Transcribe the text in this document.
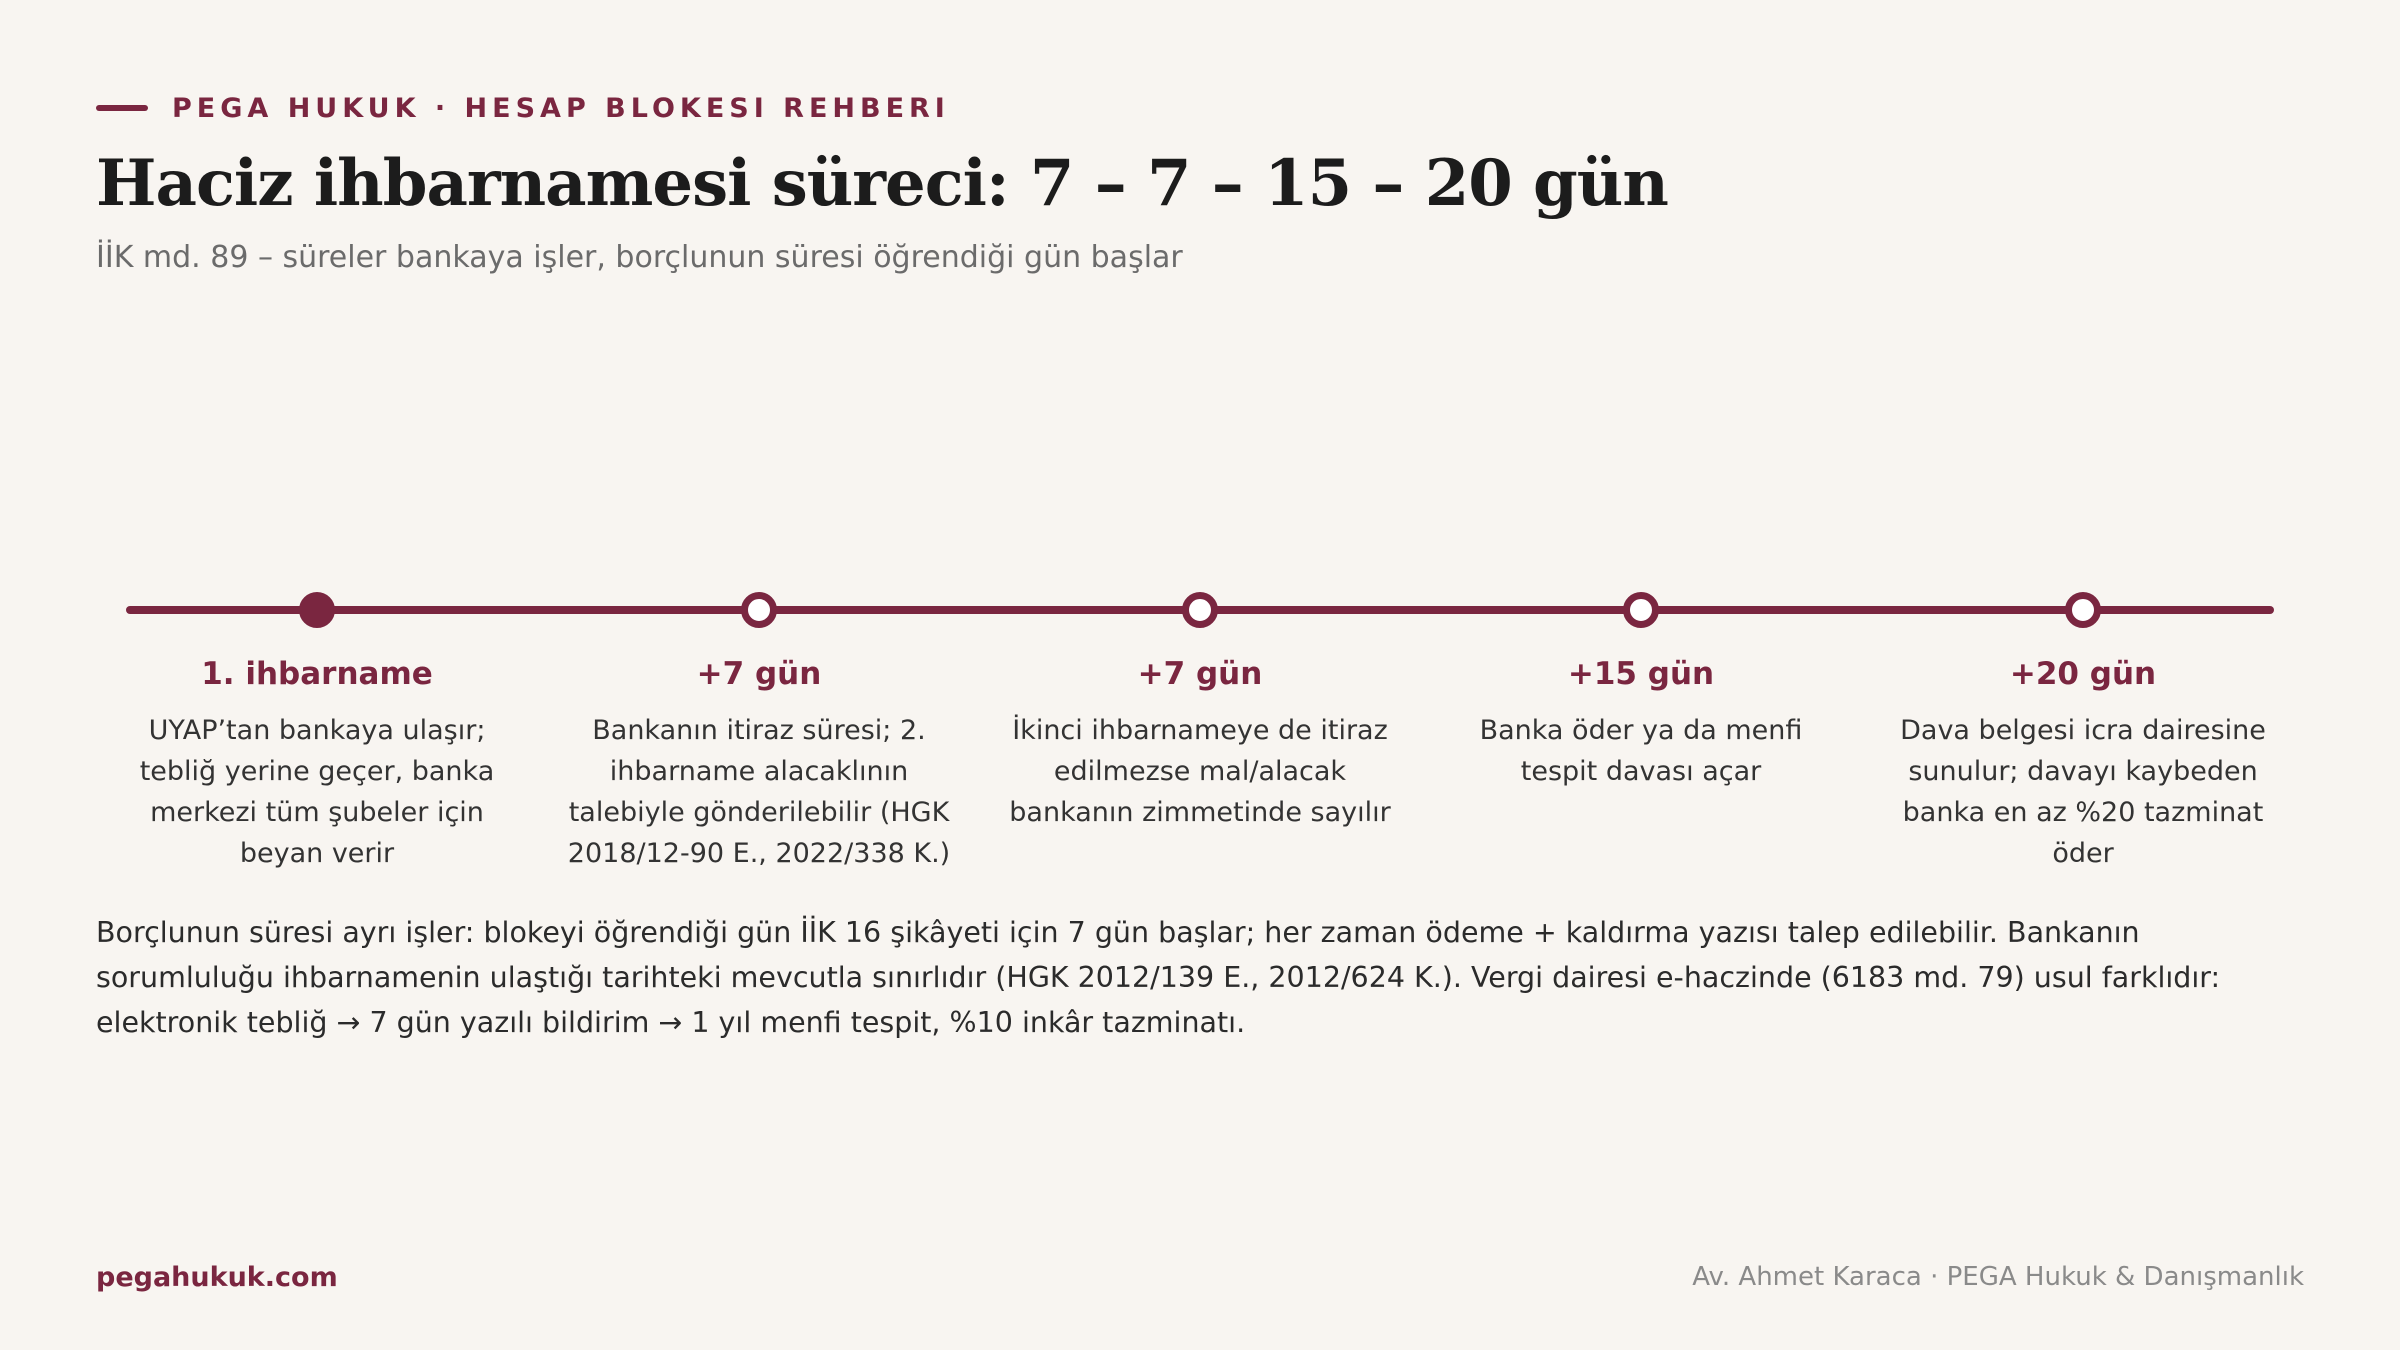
PEGA HUKUK · HESAP BLOKESI REHBERI
Haciz ihbarnamesi süreci: 7 – 7 – 15 – 20 gün
İİK md. 89 – süreler bankaya işler, borçlunun süresi öğrendiği gün başlar
1. ihbarname
UYAP’tan bankaya ulaşır; tebliğ yerine geçer, banka merkezi tüm şubeler için beyan verir
+7 gün
Bankanın itiraz süresi; 2. ihbarname alacaklının talebiyle gönderilebilir (HGK 2018/12-90 E., 2022/338 K.)
+7 gün
İkinci ihbarnameye de itiraz edilmezse mal/alacak bankanın zimmetinde sayılır
+15 gün
Banka öder ya da menfi tespit davası açar
+20 gün
Dava belgesi icra dairesine sunulur; davayı kaybeden banka en az %20 tazminat öder

Borçlunun süresi ayrı işler: blokeyi öğrendiği gün İİK 16 şikâyeti için 7 gün başlar; her zaman ödeme + kaldırma yazısı talep edilebilir. Bankanın sorumluluğu ihbarnamenin ulaştığı tarihteki mevcutla sınırlıdır (HGK 2012/139 E., 2012/624 K.). Vergi dairesi e-haczinde (6183 md. 79) usul farklıdır: elektronik tebliğ → 7 gün yazılı bildirim → 1 yıl menfi tespit, %10 inkâr tazminatı.

pegahukuk.com	Av. Ahmet Karaca · PEGA Hukuk & Danışmanlık
